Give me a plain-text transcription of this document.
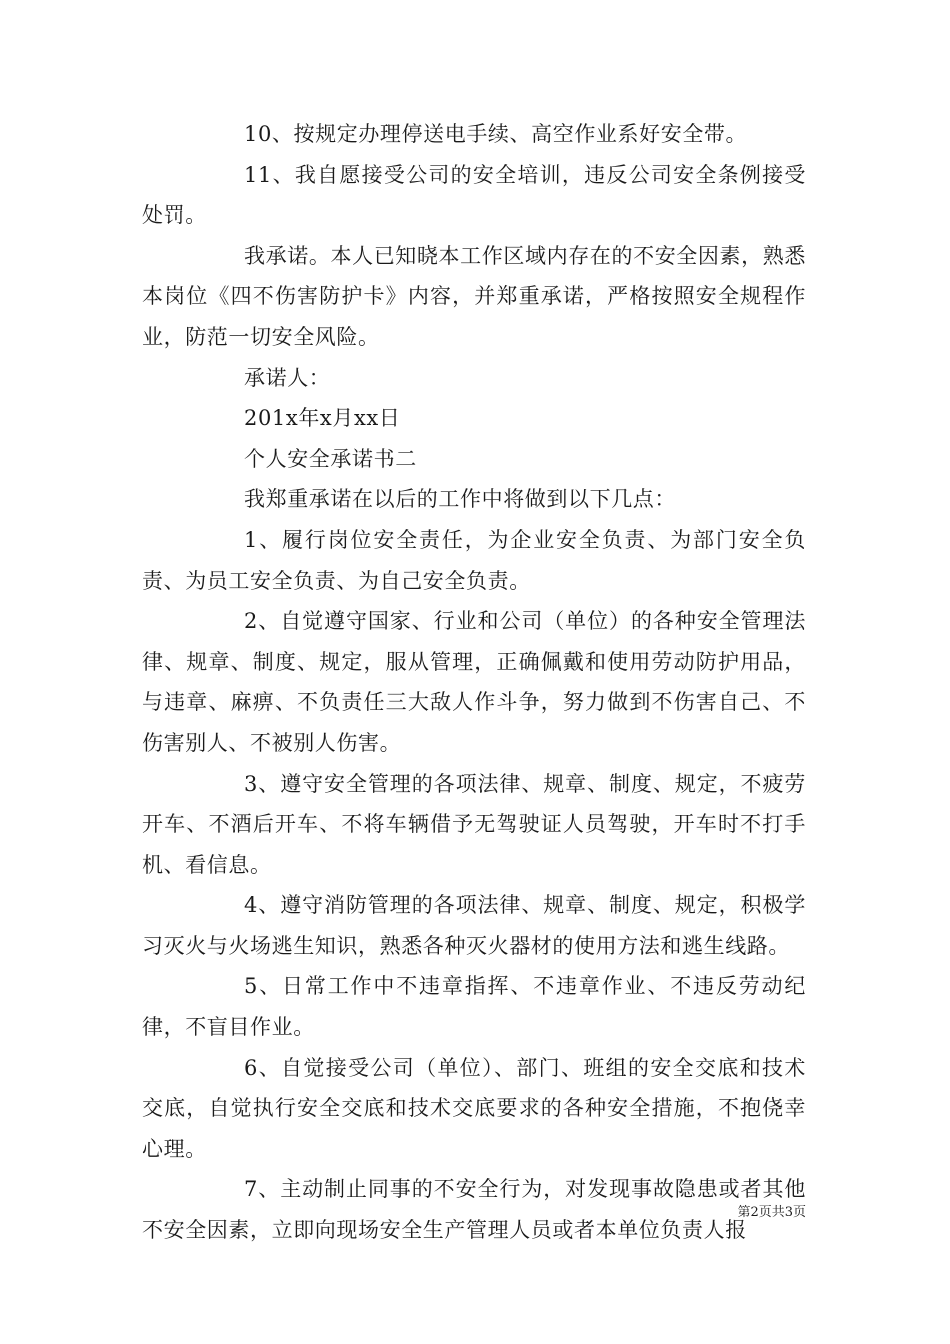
10、按规定办理停送电手续、高空作业系好安全带。

11、我自愿接受公司的安全培训，违反公司安全条例接受处罚。

我承诺。本人已知晓本工作区域内存在的不安全因素，熟悉本岗位《四不伤害防护卡》内容，并郑重承诺，严格按照安全规程作业，防范一切安全风险。

承诺人：

201x年x月xx日

个人安全承诺书二

我郑重承诺在以后的工作中将做到以下几点：

1、履行岗位安全责任，为企业安全负责、为部门安全负责、为员工安全负责、为自己安全负责。

2、自觉遵守国家、行业和公司（单位）的各种安全管理法律、规章、制度、规定，服从管理，正确佩戴和使用劳动防护用品，与违章、麻痹、不负责任三大敌人作斗争，努力做到不伤害自己、不伤害别人、不被别人伤害。

3、遵守安全管理的各项法律、规章、制度、规定，不疲劳开车、不酒后开车、不将车辆借予无驾驶证人员驾驶，开车时不打手机、看信息。

4、遵守消防管理的各项法律、规章、制度、规定，积极学习灭火与火场逃生知识，熟悉各种灭火器材的使用方法和逃生线路。

5、日常工作中不违章指挥、不违章作业、不违反劳动纪律，不盲目作业。

6、自觉接受公司（单位）、部门、班组的安全交底和技术交底，自觉执行安全交底和技术交底要求的各种安全措施，不抱侥幸心理。

7、主动制止同事的不安全行为，对发现事故隐患或者其他不安全因素，立即向现场安全生产管理人员或者本单位负责人报

第2页共3页
